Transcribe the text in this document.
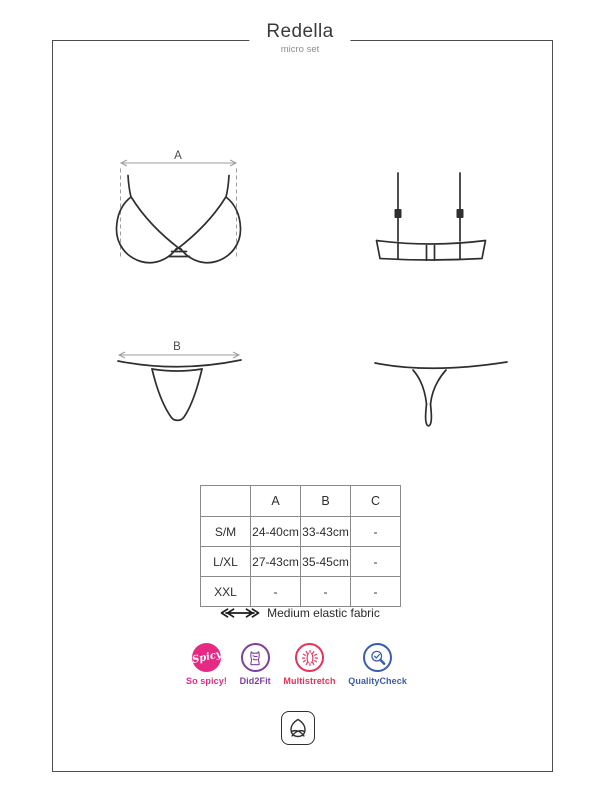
Redella
micro set
A
B
	A	B	C
S/M	24-40cm	33-43cm	-
L/XL	27-43cm	35-45cm	-
XXL	-	-	-
Medium elastic fabric
Spicy
So spicy! Did2Fit Multistretch QualityCheck
